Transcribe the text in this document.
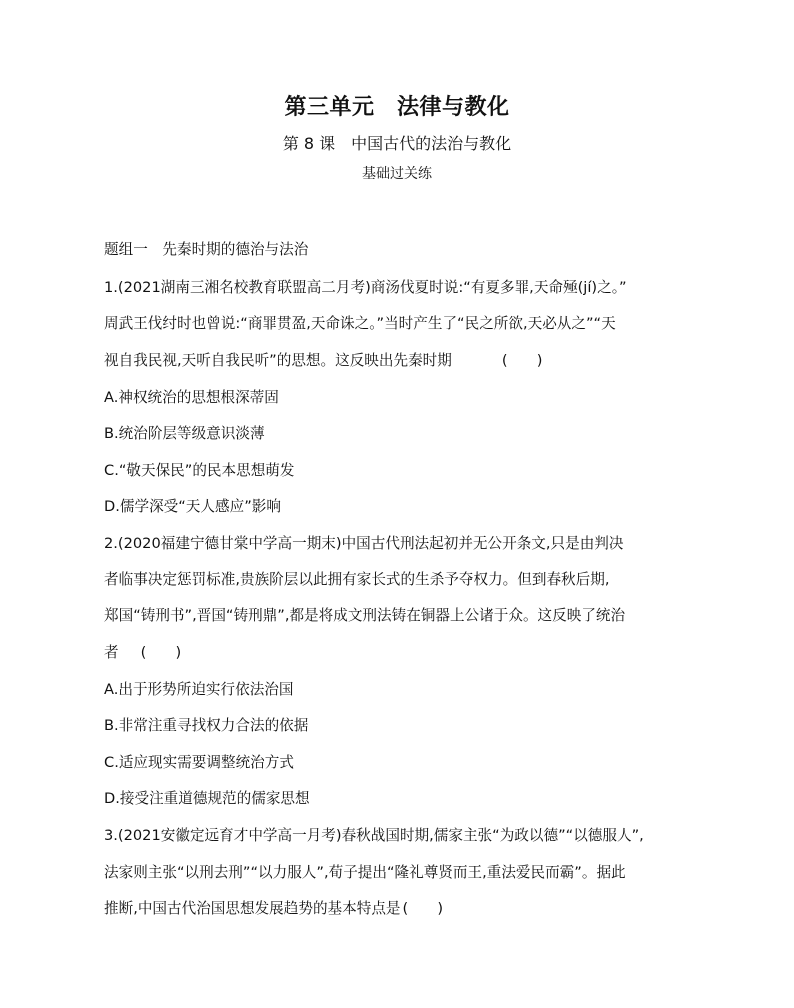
第三单元　法律与教化
第 8 课　中国古代的法治与教化
基础过关练
题组一　先秦时期的德治与法治
1.(2021湖南三湘名校教育联盟高二月考)商汤伐夏时说:“有夏多罪,天命殛(jí)之。”
周武王伐纣时也曾说:“商罪贯盈,天命诛之。”当时产生了“民之所欲,天必从之”“天
视自我民视,天听自我民听”的思想。这反映出先秦时期	(　　)
A.神权统治的思想根深蒂固
B.统治阶层等级意识淡薄
C.“敬天保民”的民本思想萌发
D.儒学深受“天人感应”影响
2.(2020福建宁德甘棠中学高一期末)中国古代刑法起初并无公开条文,只是由判决
者临事决定惩罚标准,贵族阶层以此拥有家长式的生杀予夺权力。但到春秋后期,
郑国“铸刑书”,晋国“铸刑鼎”,都是将成文刑法铸在铜器上公诸于众。这反映了统治
者 (　　)
A.出于形势所迫实行依法治国
B.非常注重寻找权力合法的依据
C.适应现实需要调整统治方式
D.接受注重道德规范的儒家思想
3.(2021安徽定远育才中学高一月考)春秋战国时期,儒家主张“为政以德”“以德服人”,
法家则主张“以刑去刑”“以力服人”,荀子提出“隆礼尊贤而王,重法爱民而霸”。据此
推断,中国古代治国思想发展趋势的基本特点是 (　　)
